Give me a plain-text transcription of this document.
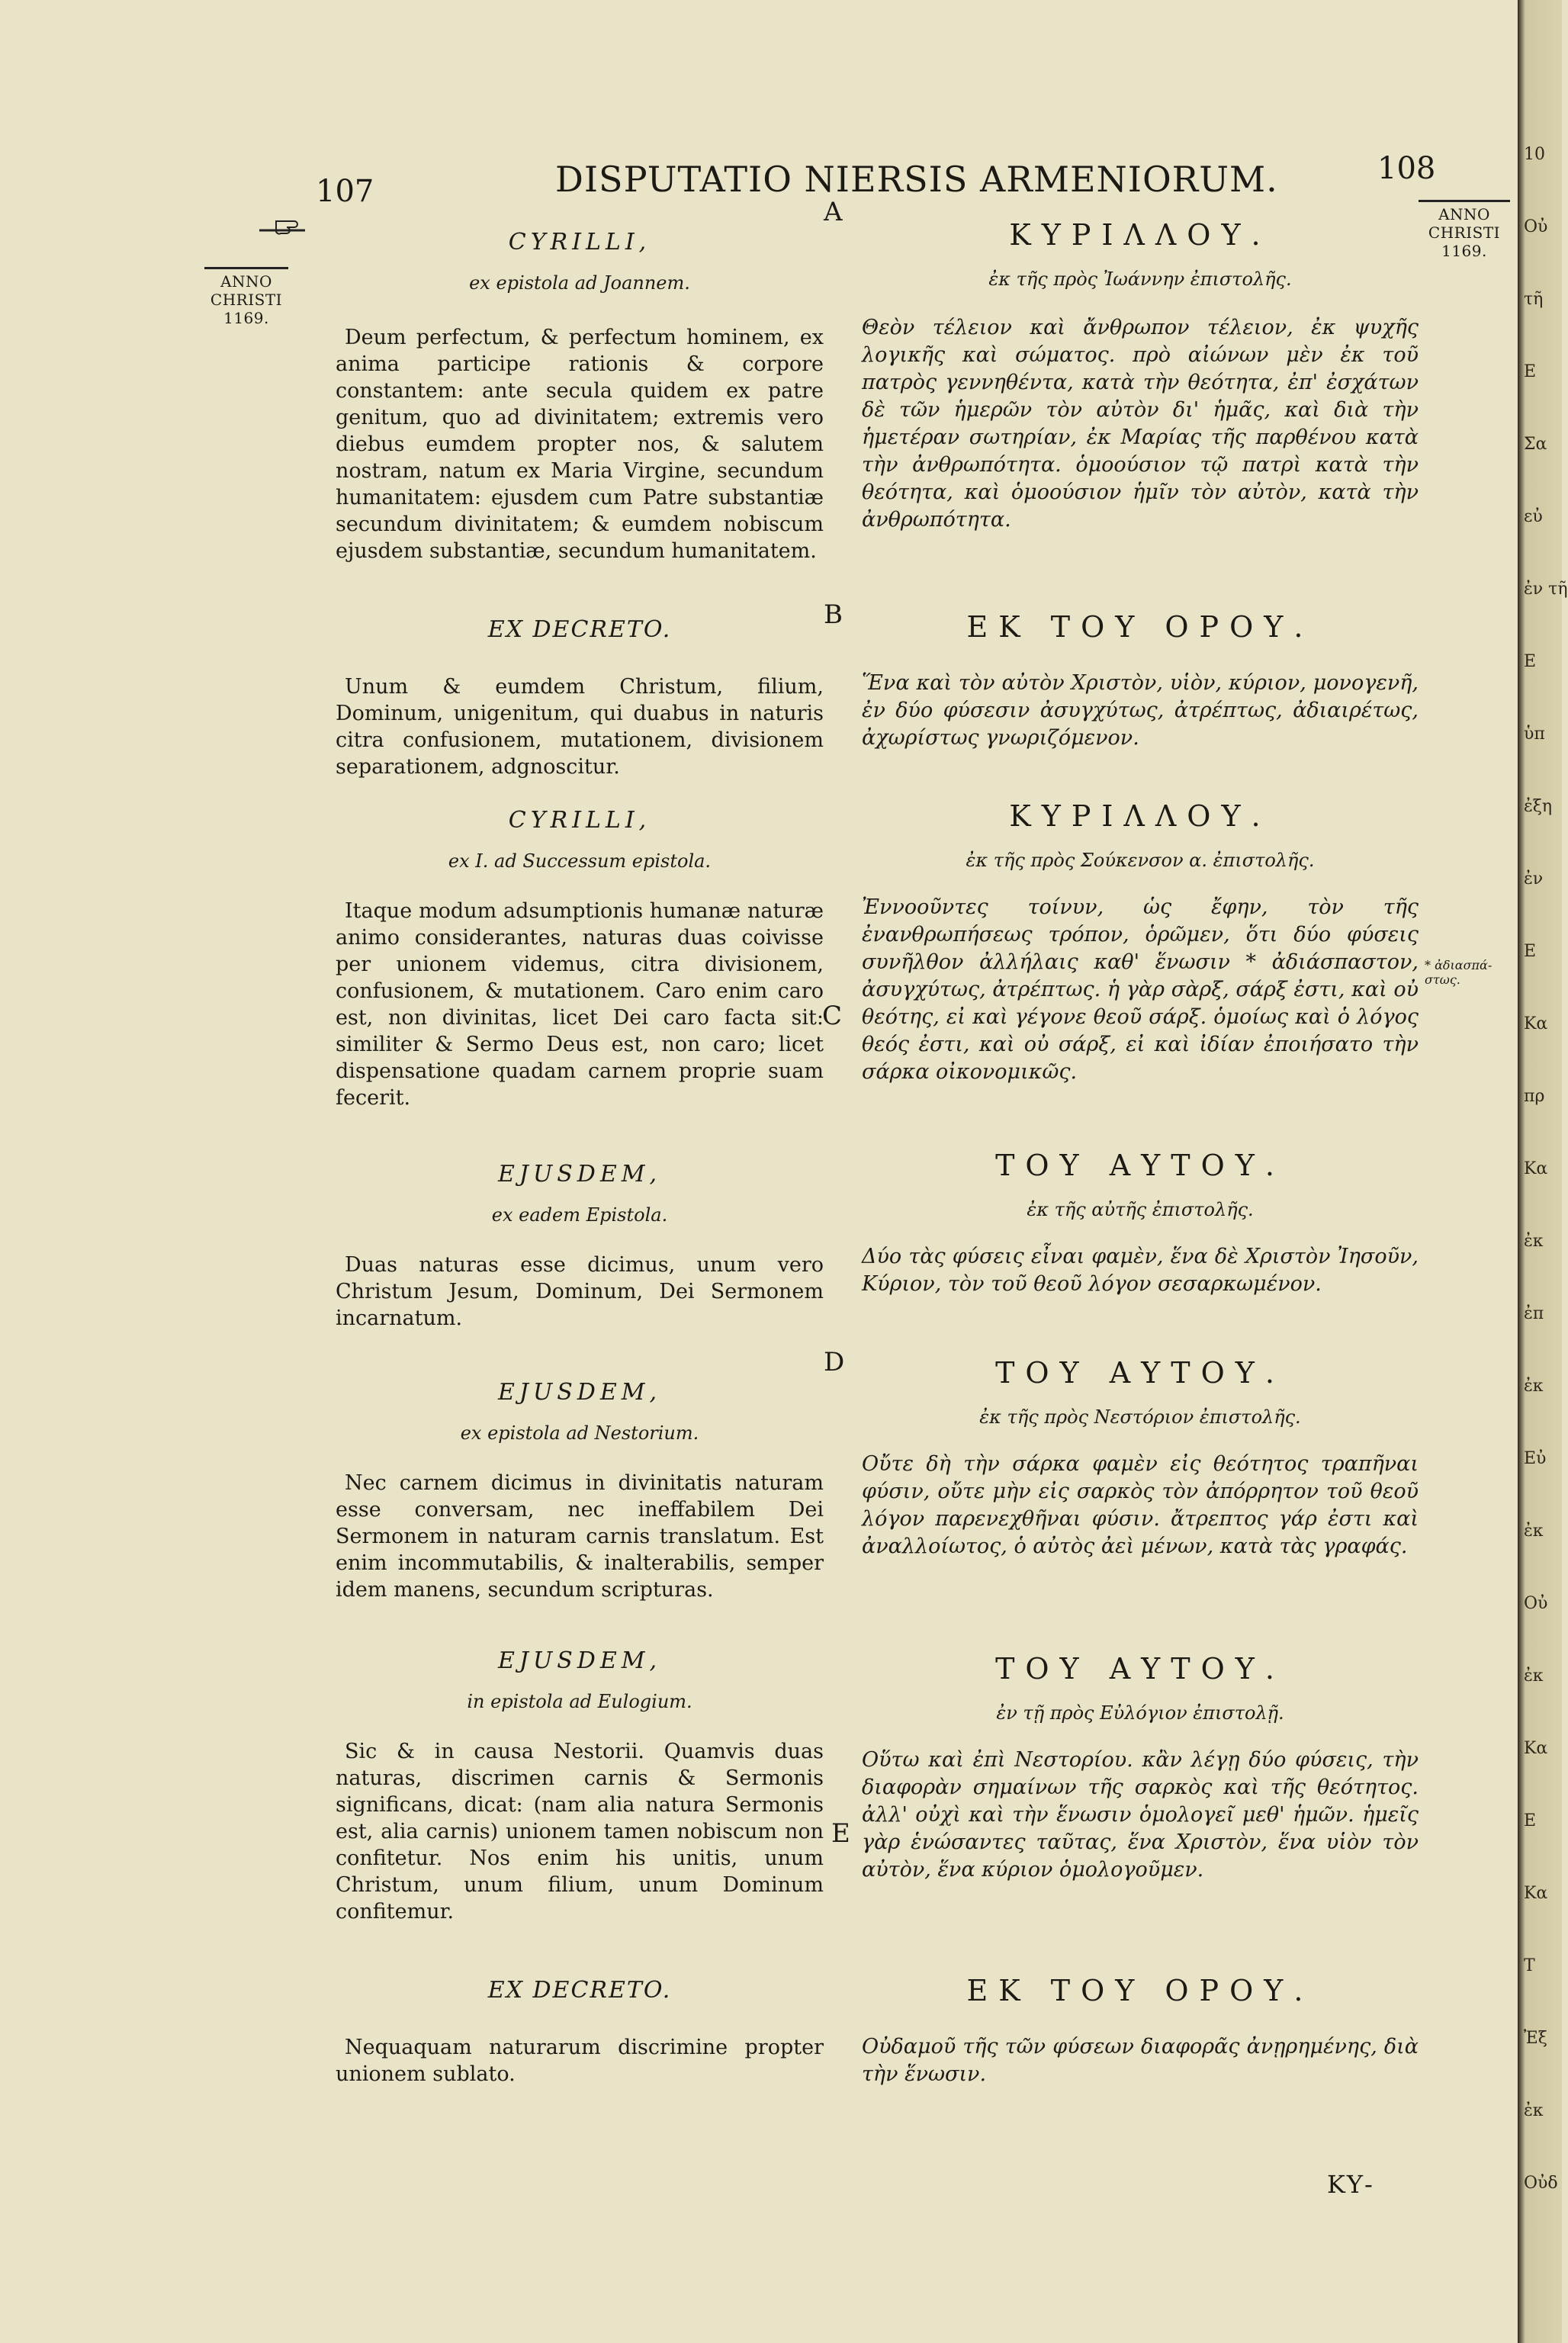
107	DISPUTATIO NIERSIS ARMENIORUM.	108
ANNO
CHRISTI
1169.
ANNO
CHRISTI
1169.
A
B
C
D
E
CYRILLI,
ex epistola ad Joannem.
Deum perfectum, & perfectum hominem, ex anima participe rationis & corpore constantem: ante secula quidem ex patre genitum, quo ad divinitatem; extremis vero diebus eumdem propter nos, & salutem nostram, natum ex Maria Virgine, secundum humanitatem: ejusdem cum Patre substantiæ secundum divinitatem; & eumdem nobiscum ejusdem substantiæ, secundum humanitatem.
EX DECRETO.
Unum & eumdem Christum, filium, Dominum, unigenitum, qui duabus in naturis citra confusionem, mutationem, divisionem separationem, adgnoscitur.
CYRILLI,
ex I. ad Successum epistola.
Itaque modum adsumptionis humanæ naturæ animo considerantes, naturas duas coivisse per unionem videmus, citra divisionem, confusionem, & mutationem. Caro enim caro est, non divinitas, licet Dei caro facta sit: similiter & Sermo Deus est, non caro; licet dispensatione quadam carnem proprie suam fecerit.
EJUSDEM,
ex eadem Epistola.
Duas naturas esse dicimus, unum vero Christum Jesum, Dominum, Dei Sermonem incarnatum.
EJUSDEM,
ex epistola ad Nestorium.
Nec carnem dicimus in divinitatis naturam esse conversam, nec ineffabilem Dei Sermonem in naturam carnis translatum. Est enim incommutabilis, & inalterabilis, semper idem manens, secundum scripturas.
EJUSDEM,
in epistola ad Eulogium.
Sic & in causa Nestorii. Quamvis duas naturas, discrimen carnis & Sermonis significans, dicat: (nam alia natura Sermonis est, alia carnis) unionem tamen nobiscum non confitetur. Nos enim his unitis, unum Christum, unum filium, unum Dominum confitemur.
EX DECRETO.
Nequaquam naturarum discrimine propter unionem sublato.
ΚΥΡΙΛΛΟΥ.
ἐκ τῆς πρὸς Ἰωάννην ἐπιστολῆς.
Θεὸν τέλειον καὶ ἄνθρωπον τέλειον, ἐκ ψυχῆς λογικῆς καὶ σώματος. πρὸ αἰώνων μὲν ἐκ τοῦ πατρὸς γεννηθέντα, κατὰ τὴν θεότητα, ἐπ' ἐσχάτων δὲ τῶν ἡμερῶν τὸν αὐτὸν δι' ἡμᾶς, καὶ διὰ τὴν ἡμετέραν σωτηρίαν, ἐκ Μαρίας τῆς παρθένου κατὰ τὴν ἀνθρωπότητα. ὁμοούσιον τῷ πατρὶ κατὰ τὴν θεότητα, καὶ ὁμοούσιον ἡμῖν τὸν αὐτὸν, κατὰ τὴν ἀνθρωπότητα.
ΕΚ ΤΟΥ ΟΡΟΥ.
Ἕνα καὶ τὸν αὐτὸν Χριστὸν, υἱὸν, κύριον, μονογενῆ, ἐν δύο φύσεσιν ἀσυγχύτως, ἀτρέπτως, ἀδιαιρέτως, ἀχωρίστως γνωριζόμενον.
ΚΥΡΙΛΛΟΥ.
ἐκ τῆς πρὸς Σούκενσον α. ἐπιστολῆς.
Ἐννοοῦντες τοίνυν, ὡς ἔφην, τὸν τῆς ἐνανθρωπήσεως τρόπον, ὁρῶμεν, ὅτι δύο φύσεις συνῆλθον ἀλλήλαις καθ' ἕνωσιν * ἀδιάσπαστον, ἀσυγχύτως, ἀτρέπτως. ἡ γὰρ σὰρξ, σάρξ ἐστι, καὶ οὐ θεότης, εἰ καὶ γέγονε θεοῦ σάρξ. ὁμοίως καὶ ὁ λόγος θεός ἐστι, καὶ οὐ σάρξ, εἰ καὶ ἰδίαν ἐποιήσατο τὴν σάρκα οἰκονομικῶς.
ΤΟΥ ΑΥΤΟΥ.
ἐκ τῆς αὐτῆς ἐπιστολῆς.
Δύο τὰς φύσεις εἶναι φαμὲν, ἕνα δὲ Χριστὸν Ἰησοῦν, Κύριον, τὸν τοῦ θεοῦ λόγον σεσαρκωμένον.
ΤΟΥ ΑΥΤΟΥ.
ἐκ τῆς πρὸς Νεστόριον ἐπιστολῆς.
Οὔτε δὴ τὴν σάρκα φαμὲν εἰς θεότητος τραπῆναι φύσιν, οὔτε μὴν εἰς σαρκὸς τὸν ἀπόρρητον τοῦ θεοῦ λόγον παρενεχθῆναι φύσιν. ἄτρεπτος γάρ ἐστι καὶ ἀναλλοίωτος, ὁ αὐτὸς ἀεὶ μένων, κατὰ τὰς γραφάς.
ΤΟΥ ΑΥΤΟΥ.
ἐν τῇ πρὸς Εὐλόγιον ἐπιστολῇ.
Οὕτω καὶ ἐπὶ Νεστορίου. κἂν λέγῃ δύο φύσεις, τὴν διαφορὰν σημαίνων τῆς σαρκὸς καὶ τῆς θεότητος. ἀλλ' οὐχὶ καὶ τὴν ἕνωσιν ὁμολογεῖ μεθ' ἡμῶν. ἡμεῖς γὰρ ἑνώσαντες ταῦτας, ἕνα Χριστὸν, ἕνα υἱὸν τὸν αὐτὸν, ἕνα κύριον ὁμολογοῦμεν.
ΕΚ ΤΟΥ ΟΡΟΥ.
Οὐδαμοῦ τῆς τῶν φύσεων διαφορᾶς ἀνῃρημένης, διὰ τὴν ἕνωσιν.
* ἀδιασπά-στως.
ΚΥ-
10
Οὐ
τῆ
Ε
Σα
εὐ
ἐν τῆ
Ε
ὑπ
ἐξη
ἐν
Ε
Κα
πρ
Κα
ἐκ
ἐπ
ἐκ
Εὐ
ἐκ
Οὐ
ἐκ
Κα
Ε
Κα
Τ
Ἐξ
ἐκ
Οὐδ
